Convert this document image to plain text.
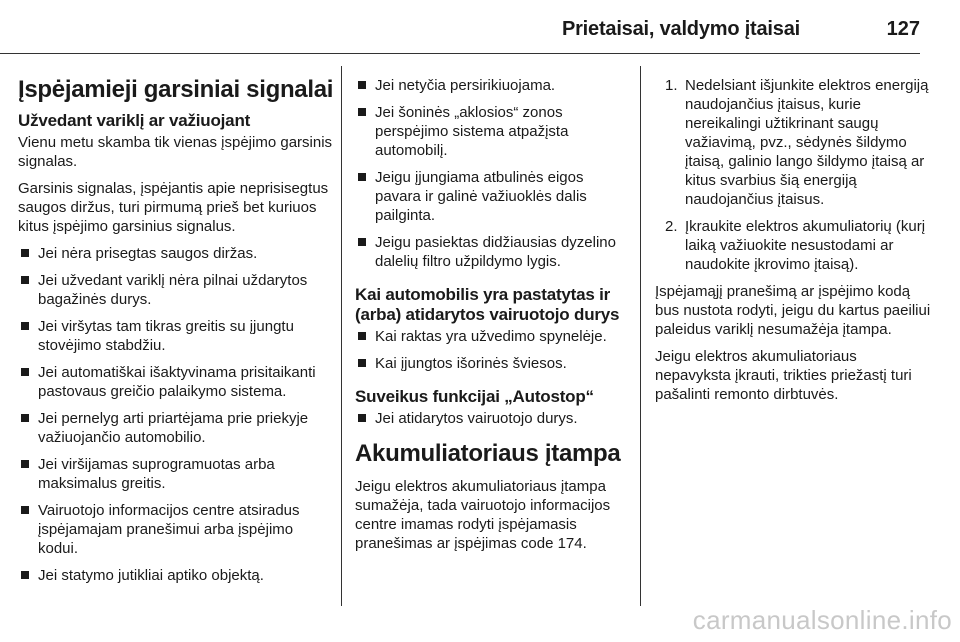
Prietaisai, valdymo įtaisai	127
Įspėjamieji garsiniai signalai
Užvedant variklį ar važiuojant

Vienu metu skamba tik vienas įspėjimo garsinis signalas.

Garsinis signalas, įspėjantis apie neprisisegtus saugos diržus, turi pirmumą prieš bet kuriuos kitus įspėjimo garsinius signalus.

Jei nėra prisegtas saugos diržas.
Jei užvedant variklį nėra pilnai uždarytos bagažinės durys.
Jei viršytas tam tikras greitis su įjungtu stovėjimo stabdžiu.
Jei automatiškai išaktyvinama prisitaikanti pastovaus greičio palaikymo sistema.
Jei pernelyg arti priartėjama prie priekyje važiuojančio automobilio.
Jei viršijamas suprogramuotas arba maksimalus greitis.
Vairuotojo informacijos centre atsiradus įspėjamajam pranešimui arba įspėjimo kodui.
Jei statymo jutikliai aptiko objektą.
Jei netyčia persirikiuojama.
Jei šoninės „aklosios“ zonos perspėjimo sistema atpažįsta automobilį.
Jeigu įjungiama atbulinės eigos pavara ir galinė važiuoklės dalis pailginta.
Jeigu pasiektas didžiausias dyzelino dalelių filtro užpildymo lygis.
Kai automobilis yra pastatytas ir (arba) atidarytos vairuotojo durys
Kai raktas yra užvedimo spynelėje.
Kai įjungtos išorinės šviesos.
Suveikus funkcijai „Autostop“
Jei atidarytos vairuotojo durys.
Akumuliatoriaus įtampa

Jeigu elektros akumuliatoriaus įtampa sumažėja, tada vairuotojo informacijos centre imamas rodyti įspėjamasis pranešimas ar įspėjimas code 174.

1. Nedelsiant išjunkite elektros energiją naudojančius įtaisus, kurie nereikalingi užtikrinant saugų važiavimą, pvz., sėdynės šildymo įtaisą, galinio lango šildymo įtaisą ar kitus svarbius šią energiją naudojančius įtaisus.
2. Įkraukite elektros akumuliatorių (kurį laiką važiuokite nesustodami ar naudokite įkrovimo įtaisą).

Įspėjamąjį pranešimą ar įspėjimo kodą bus nustota rodyti, jeigu du kartus paeiliui paleidus variklį nesumažėja įtampa.

Jeigu elektros akumuliatoriaus nepavyksta įkrauti, trikties priežastį turi pašalinti remonto dirbtuvės.

carmanualsonline.info
